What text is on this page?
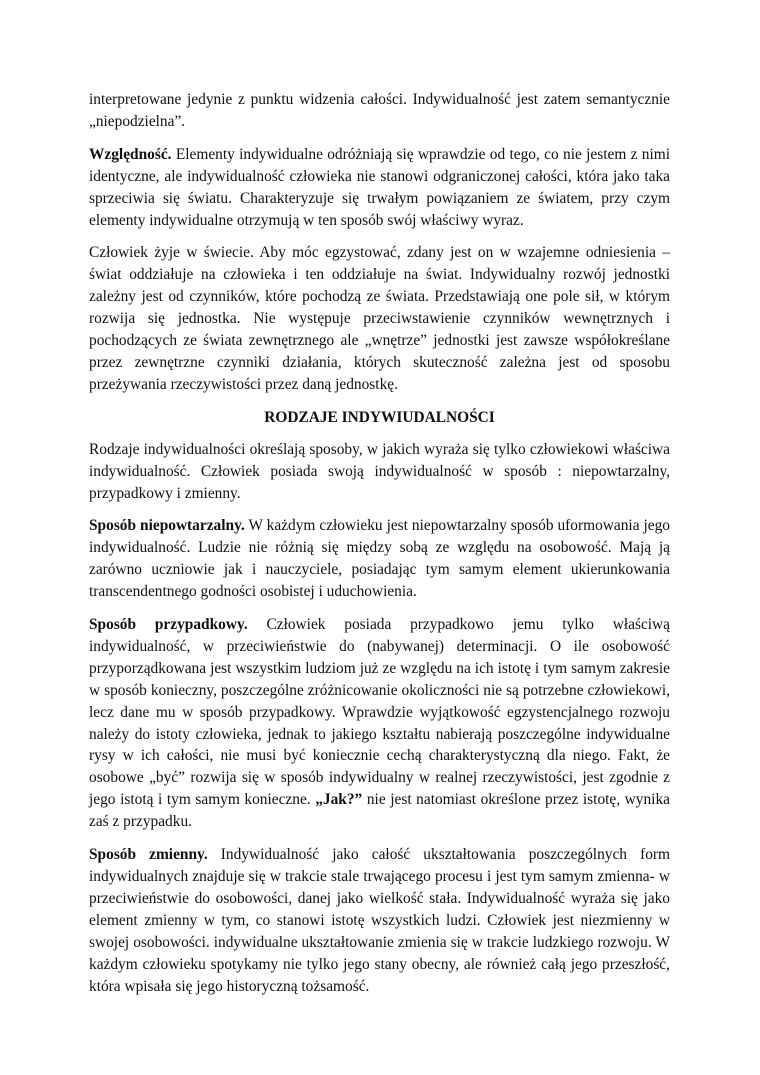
interpretowane jedynie z punktu widzenia całości. Indywidualność jest zatem semantycznie „niepodzielna”.

Względność. Elementy indywidualne odróżniają się wprawdzie od tego, co nie jestem z nimi identyczne, ale indywidualność człowieka nie stanowi odgraniczonej całości, która jako taka sprzeciwia się światu. Charakteryzuje się trwałym powiązaniem ze światem, przy czym elementy indywidualne otrzymują w ten sposób swój właściwy wyraz.

Człowiek żyje w świecie. Aby móc egzystować, zdany jest on w wzajemne odniesienia – świat oddziałuje na człowieka i ten oddziałuje na świat. Indywidualny rozwój jednostki zależny jest od czynników, które pochodzą ze świata. Przedstawiają one pole sił, w którym rozwija się jednostka. Nie występuje przeciwstawienie czynników wewnętrznych i pochodzących ze świata zewnętrznego ale „wnętrze” jednostki jest zawsze współokreślane przez zewnętrzne czynniki działania, których skuteczność zależna jest od sposobu przeżywania rzeczywistości przez daną jednostkę.

RODZAJE INDYWIUDALNOŚCI

Rodzaje indywidualności określają sposoby, w jakich wyraża się tylko człowiekowi właściwa indywidualność. Człowiek posiada swoją indywidualność w sposób : niepowtarzalny, przypadkowy i zmienny.

Sposób niepowtarzalny. W każdym człowieku jest niepowtarzalny sposób uformowania jego indywidualność. Ludzie nie różnią się między sobą ze względu na osobowość. Mają ją zarówno uczniowie jak i nauczyciele, posiadając tym samym element ukierunkowania transcendentnego godności osobistej i uduchowienia.

Sposób przypadkowy. Człowiek posiada przypadkowo jemu tylko właściwą indywidualność, w przeciwieństwie do (nabywanej) determinacji. O ile osobowość przyporządkowana jest wszystkim ludziom już ze względu na ich istotę i tym samym zakresie w sposób konieczny, poszczególne zróżnicowanie okoliczności nie są potrzebne człowiekowi, lecz dane mu w sposób przypadkowy. Wprawdzie wyjątkowość egzystencjalnego rozwoju należy do istoty człowieka, jednak to jakiego kształtu nabierają poszczególne indywidualne rysy w ich całości, nie musi być koniecznie cechą charakterystyczną dla niego. Fakt, że osobowe „być” rozwija się w sposób indywidualny w realnej rzeczywistości, jest zgodnie z jego istotą i tym samym konieczne. „Jak?” nie jest natomiast określone przez istotę, wynika zaś z przypadku.

Sposób zmienny. Indywidualność jako całość ukształtowania poszczególnych form indywidualnych znajduje się w trakcie stale trwającego procesu i jest tym samym zmienna- w przeciwieństwie do osobowości, danej jako wielkość stała. Indywidualność wyraża się jako element zmienny w tym, co stanowi istotę wszystkich ludzi. Człowiek jest niezmienny w swojej osobowości. indywidualne ukształtowanie zmienia się w trakcie ludzkiego rozwoju. W każdym człowieku spotykamy nie tylko jego stany obecny, ale również całą jego przeszłość, która wpisała się jego historyczną tożsamość.
